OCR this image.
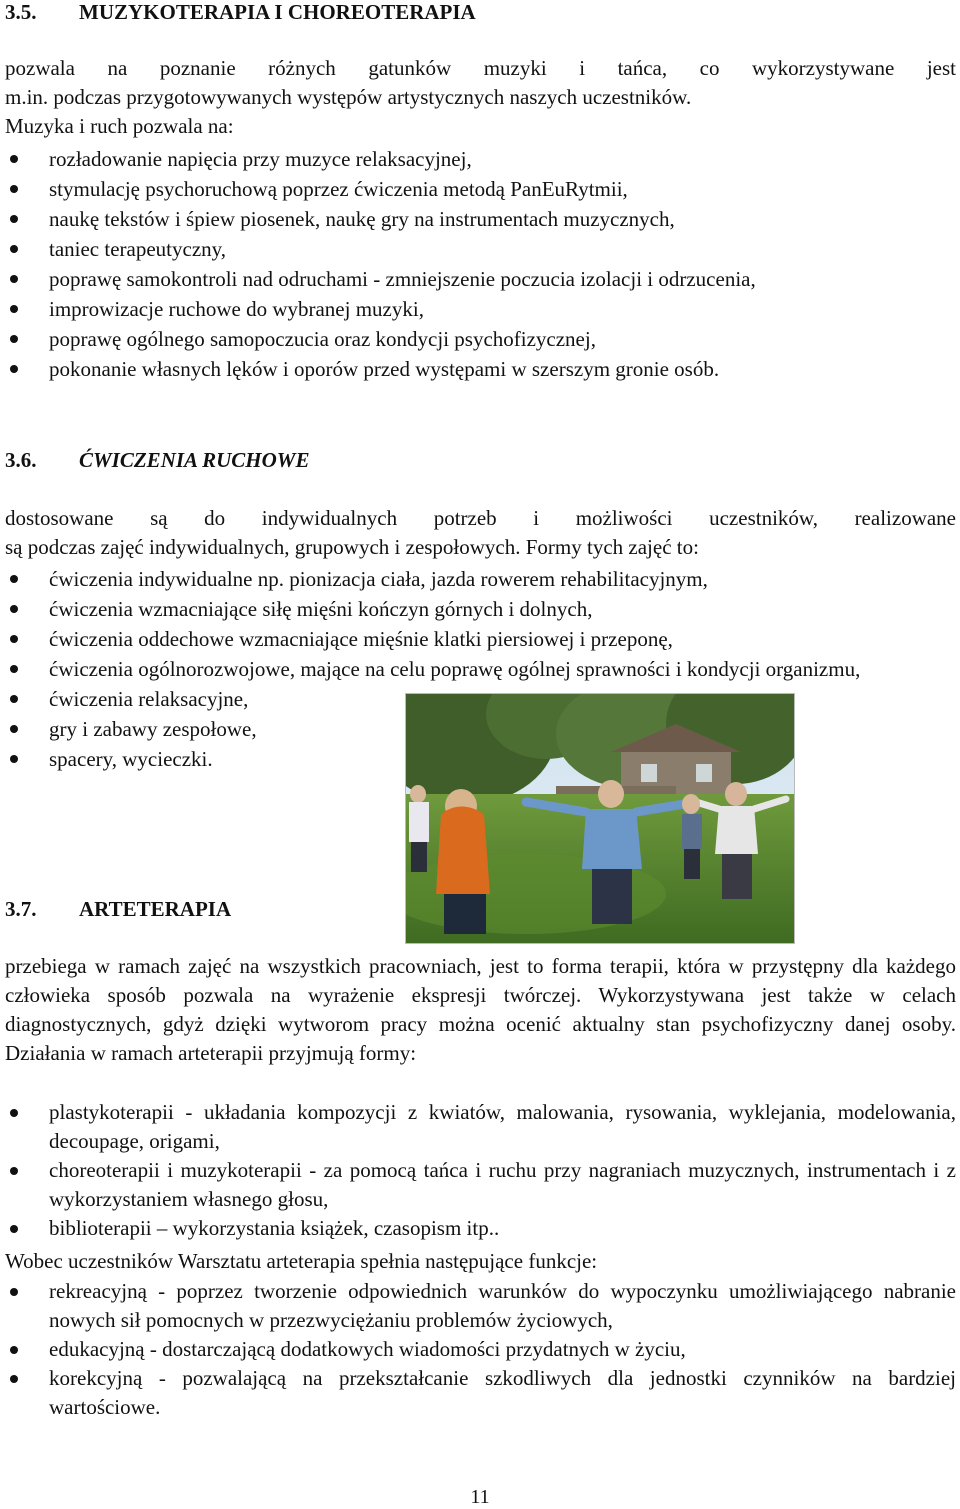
3.5. MUZYKOTERAPIA I CHOREOTERAPIA
pozwala na poznanie różnych gatunków muzyki i tańca, co wykorzystywane jest
m.in. podczas przygotowywanych występów artystycznych naszych uczestników.
Muzyka i ruch pozwala na:
rozładowanie napięcia przy muzyce relaksacyjnej,
stymulację psychoruchową poprzez ćwiczenia metodą PanEuRytmii,
naukę tekstów i śpiew piosenek, naukę gry na instrumentach muzycznych,
taniec terapeutyczny,
poprawę samokontroli nad odruchami - zmniejszenie poczucia izolacji i odrzucenia,
improwizacje ruchowe do wybranej muzyki,
poprawę ogólnego samopoczucia oraz kondycji psychofizycznej,
pokonanie własnych lęków i oporów przed występami w szerszym gronie osób.
3.6. ĆWICZENIA RUCHOWE
dostosowane są do indywidualnych potrzeb i możliwości uczestników, realizowane
są podczas zajęć indywidualnych, grupowych i zespołowych. Formy tych zajęć to:
ćwiczenia indywidualne np. pionizacja ciała, jazda rowerem rehabilitacyjnym,
ćwiczenia wzmacniające siłę mięśni kończyn górnych i dolnych,
ćwiczenia oddechowe wzmacniające mięśnie klatki piersiowej i przeponę,
ćwiczenia ogólnorozwojowe, mające na celu poprawę ogólnej sprawności i kondycji organizmu,
ćwiczenia relaksacyjne,
gry i zabawy zespołowe,
spacery, wycieczki.
3.7. ARTETERAPIA
przebiega w ramach zajęć na wszystkich pracowniach, jest to forma terapii, która w przystępny dla każdego człowieka sposób pozwala na wyrażenie ekspresji twórczej. Wykorzystywana jest także w celach diagnostycznych, gdyż dzięki wytworom pracy można ocenić aktualny stan psychofizyczny danej osoby. Działania w ramach arteterapii przyjmują formy:
plastykoterapii - układania kompozycji z kwiatów, malowania, rysowania, wyklejania, modelowania, decoupage, origami,
choreoterapii i muzykoterapii - za pomocą tańca i ruchu przy nagraniach muzycznych, instrumentach i z wykorzystaniem własnego głosu,
biblioterapii – wykorzystania książek, czasopism itp..
Wobec uczestników Warsztatu arteterapia spełnia następujące funkcje:
rekreacyjną - poprzez tworzenie odpowiednich warunków do wypoczynku umożliwiającego nabranie nowych sił pomocnych w przezwyciężaniu problemów życiowych,
edukacyjną - dostarczającą dodatkowych wiadomości przydatnych w życiu,
korekcyjną - pozwalającą na przekształcanie szkodliwych dla jednostki czynników na bardziej wartościowe.
11
